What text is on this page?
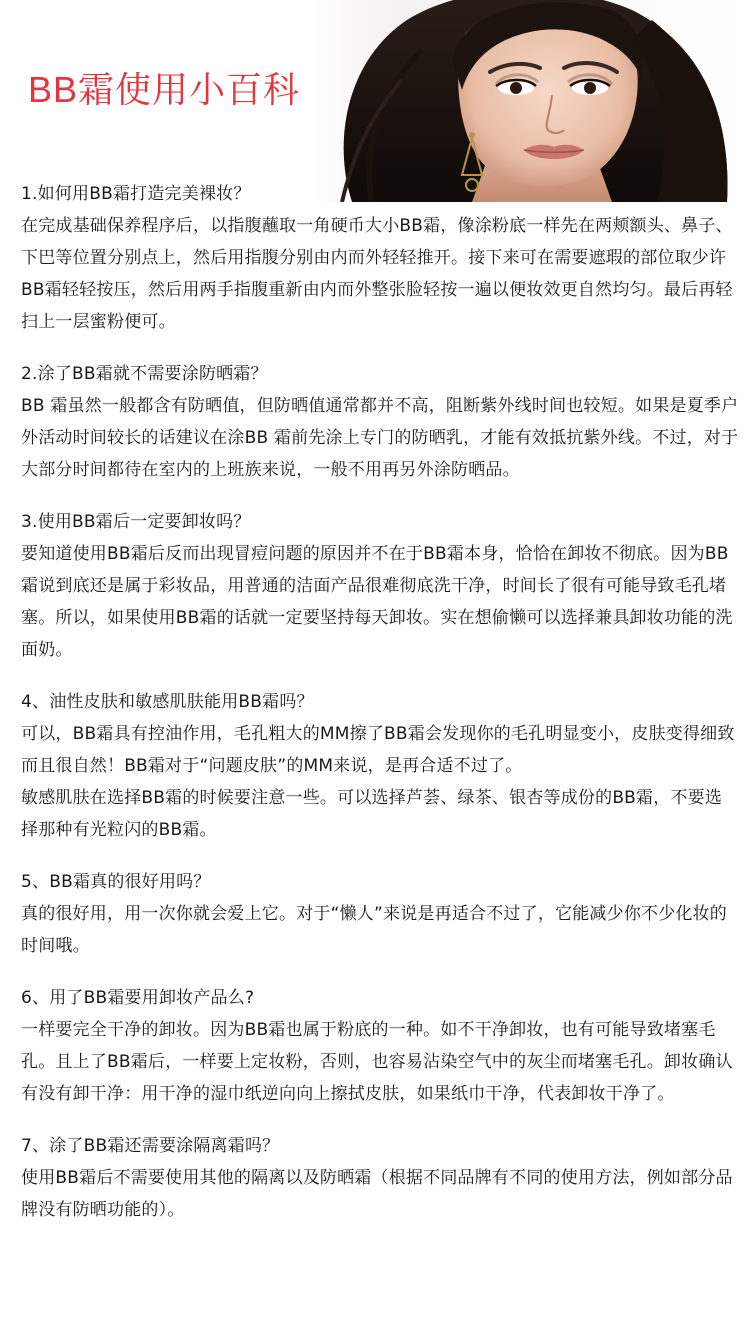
BB霜使用小百科

1.如何用BB霜打造完美裸妆？

在完成基础保养程序后，以指腹蘸取一角硬币大小BB霜，像涂粉底一样先在两颊额头、鼻子、下巴等位置分别点上，然后用指腹分别由内而外轻轻推开。接下来可在需要遮瑕的部位取少许BB霜轻轻按压，然后用两手指腹重新由内而外整张脸轻按一遍以便妆效更自然均匀。最后再轻扫上一层蜜粉便可。

2.涂了BB霜就不需要涂防晒霜？

BB 霜虽然一般都含有防晒值，但防晒值通常都并不高，阻断紫外线时间也较短。如果是夏季户外活动时间较长的话建议在涂BB 霜前先涂上专门的防晒乳，才能有效抵抗紫外线。不过，对于大部分时间都待在室内的上班族来说，一般不用再另外涂防晒品。

3.使用BB霜后一定要卸妆吗？

要知道使用BB霜后反而出现冒痘问题的原因并不在于BB霜本身，恰恰在卸妆不彻底。因为BB霜说到底还是属于彩妆品，用普通的洁面产品很难彻底洗干净，时间长了很有可能导致毛孔堵塞。所以，如果使用BB霜的话就一定要坚持每天卸妆。实在想偷懒可以选择兼具卸妆功能的洗面奶。

4、油性皮肤和敏感肌肤能用BB霜吗？

可以，BB霜具有控油作用，毛孔粗大的MM擦了BB霜会发现你的毛孔明显变小，皮肤变得细致而且很自然！BB霜对于“问题皮肤”的MM来说，是再合适不过了。

敏感肌肤在选择BB霜的时候要注意一些。可以选择芦荟、绿茶、银杏等成份的BB霜，不要选择那种有光粒闪的BB霜。

5、BB霜真的很好用吗？

真的很好用，用一次你就会爱上它。对于“懒人”来说是再适合不过了，它能减少你不少化妆的时间哦。

6、用了BB霜要用卸妆产品么?

一样要完全干净的卸妆。因为BB霜也属于粉底的一种。如不干净卸妆，也有可能导致堵塞毛孔。且上了BB霜后，一样要上定妆粉，否则，也容易沾染空气中的灰尘而堵塞毛孔。卸妆确认有没有卸干净：用干净的湿巾纸逆向向上擦拭皮肤，如果纸巾干净，代表卸妆干净了。

7、涂了BB霜还需要涂隔离霜吗？

使用BB霜后不需要使用其他的隔离以及防晒霜（根据不同品牌有不同的使用方法，例如部分品牌没有防晒功能的）。
